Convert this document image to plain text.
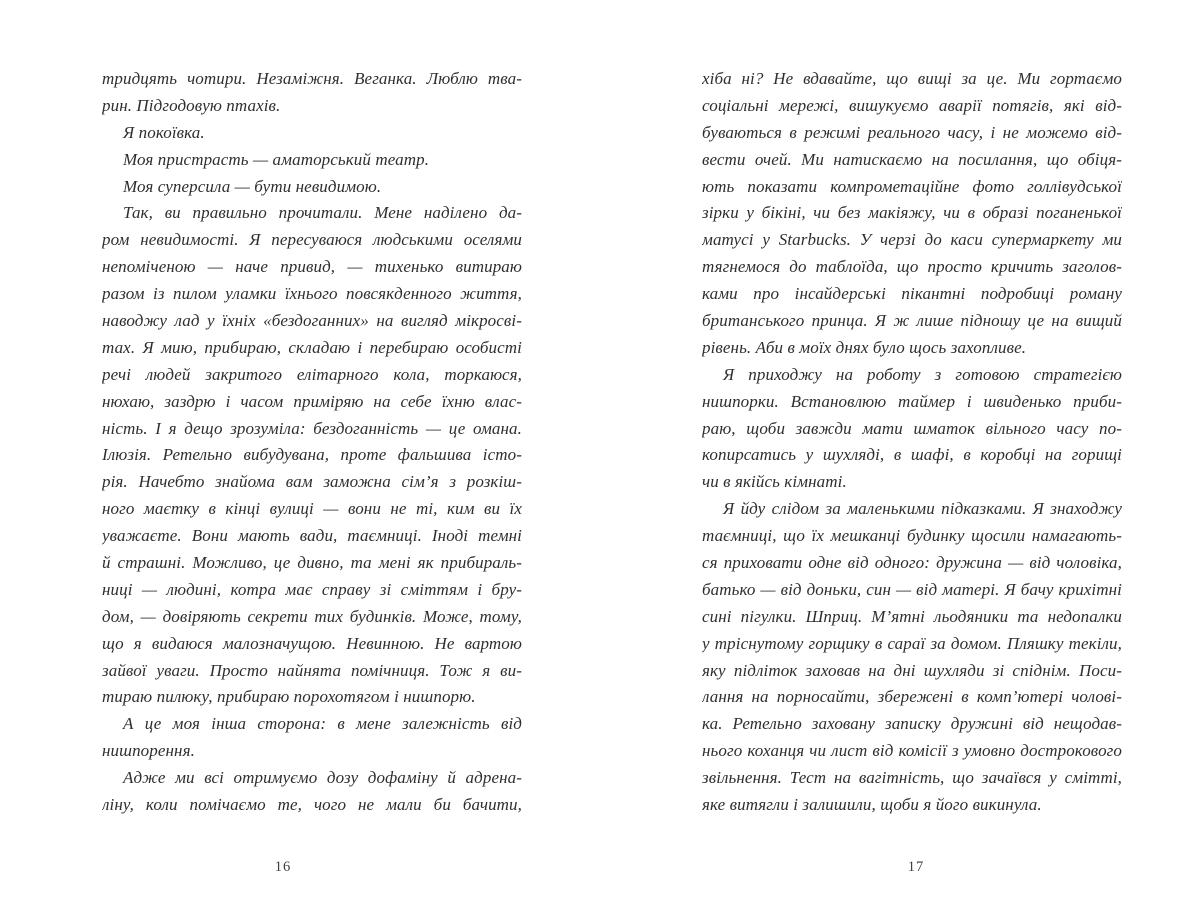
тридцять чотири. Незаміжня. Веганка. Люблю тва-
рин. Підгодовую птахів.
Я покоївка.
Моя пристрасть — аматорський театр.
Моя суперсила — бути невидимою.
Так, ви правильно прочитали. Мене наділено да-
ром невидимості. Я пересуваюся людськими оселями
непоміченою — наче привид, — тихенько витираю
разом із пилом уламки їхнього повсякденного життя,
наводжу лад у їхніх «бездоганних» на вигляд мікросві-
тах. Я мию, прибираю, складаю і перебираю особисті
речі людей закритого елітарного кола, торкаюся,
нюхаю, заздрю і часом приміряю на себе їхню влас-
ність. І я дещо зрозуміла: бездоганність — це омана.
Ілюзія. Ретельно вибудувана, проте фальшива істо-
рія. Начебто знайома вам заможна сім’я з розкіш-
ного маєтку в кінці вулиці — вони не ті, ким ви їх
уважаєте. Вони мають вади, таємниці. Іноді темні
й страшні. Можливо, це дивно, та мені як прибираль-
ниці — людині, котра має справу зі сміттям і бру-
дом, — довіряють секрети тих будинків. Може, тому,
що я видаюся малозначущою. Невинною. Не вартою
зайвої уваги. Просто найнята помічниця. Тож я ви-
тираю пилюку, прибираю порохотягом і нишпорю.
А це моя інша сторона: в мене залежність від
нишпорення.
Адже ми всі отримуємо дозу дофаміну й адрена-
ліну, коли помічаємо те, чого не мали би бачити,
хіба ні? Не вдавайте, що вищі за це. Ми гортаємо
соціальні мережі, вишукуємо аварії потягів, які від-
буваються в режимі реального часу, і не можемо від-
вести очей. Ми натискаємо на посилання, що обіця-
ють показати компрометаційне фото голлівудської
зірки у бікіні, чи без макіяжу, чи в образі поганенької
матусі у Starbucks. У черзі до каси супермаркету ми
тягнемося до таблоїда, що просто кричить заголов-
ками про інсайдерські пікантні подробиці роману
британського принца. Я ж лише підношу це на вищий
рівень. Аби в моїх днях було щось захопливе.
Я приходжу на роботу з готовою стратегією
нишпорки. Встановлюю таймер і швиденько приби-
раю, щоби завжди мати шматок вільного часу по-
копирсатись у шухляді, в шафі, в коробці на горищі
чи в якійсь кімнаті.
Я йду слідом за маленькими підказками. Я знаходжу
таємниці, що їх мешканці будинку щосили намагають-
ся приховати одне від одного: дружина — від чоловіка,
батько — від доньки, син — від матері. Я бачу крихітні
сині пігулки. Шприц. М’ятні льодяники та недопалки
у тріснутому горщику в сараї за домом. Пляшку текіли,
яку підліток заховав на дні шухляди зі спіднім. Поси-
лання на порносайти, збережені в комп’ютері чолові-
ка. Ретельно заховану записку дружині від нещодав-
нього коханця чи лист від комісії з умовно дострокового
звільнення. Тест на вагітність, що зачаївся у смітті,
яке витягли і залишили, щоби я його викинула.
16	17
